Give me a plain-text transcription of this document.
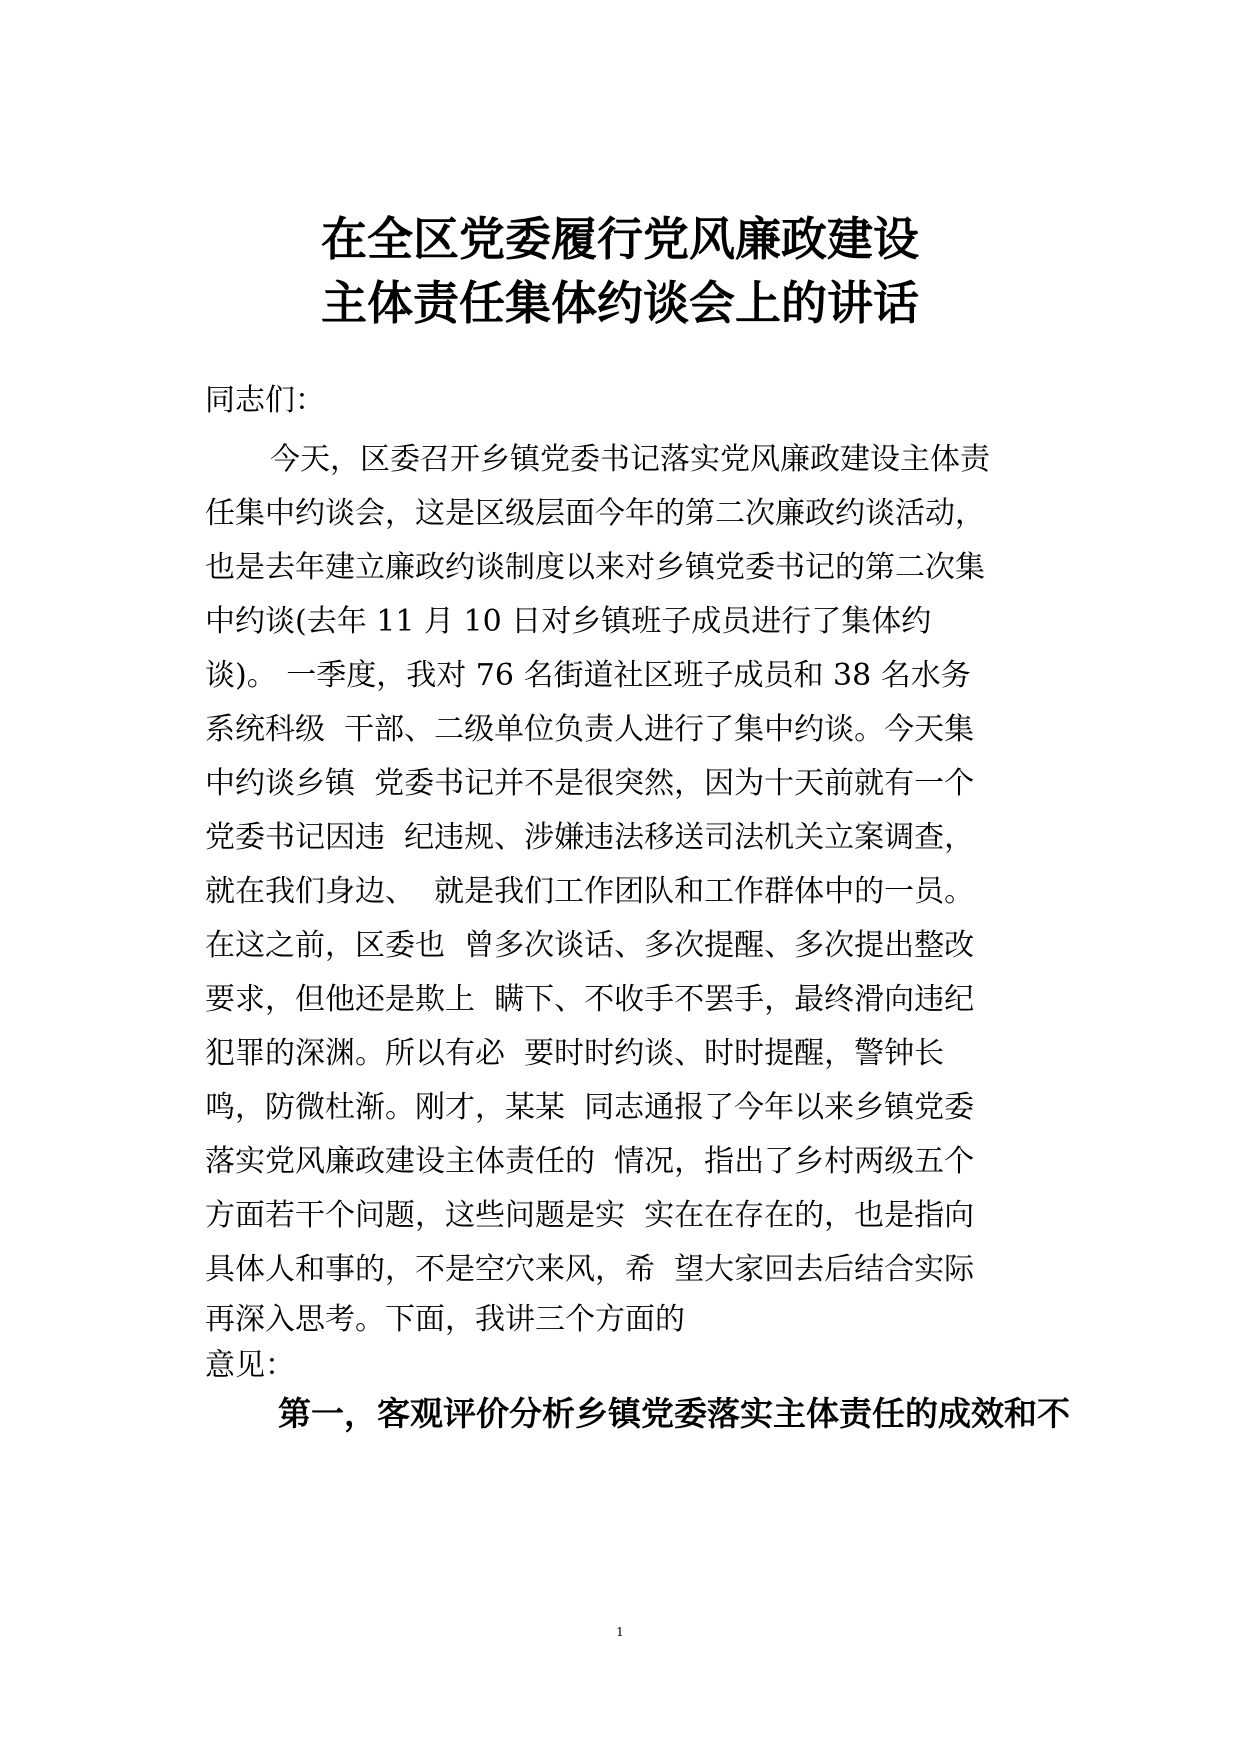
在全区党委履行党风廉政建设
主体责任集体约谈会上的讲话

同志们：

今天，区委召开乡镇党委书记落实党风廉政建设主体责

任集中约谈会，这是区级层面今年的第二次廉政约谈活动，

也是去年建立廉政约谈制度以来对乡镇党委书记的第二次集

中约谈(去年 11 月 10 日对乡镇班子成员进行了集体约

谈)。 一季度，我对 76 名街道社区班子成员和 38 名水务

系统科级  干部、二级单位负责人进行了集中约谈。今天集

中约谈乡镇  党委书记并不是很突然，因为十天前就有一个

党委书记因违  纪违规、涉嫌违法移送司法机关立案调查，

就在我们身边、  就是我们工作团队和工作群体中的一员。

在这之前，区委也  曾多次谈话、多次提醒、多次提出整改

要求，但他还是欺上  瞒下、不收手不罢手，最终滑向违纪

犯罪的深渊。所以有必  要时时约谈、时时提醒，警钟长

鸣，防微杜渐。刚才，某某  同志通报了今年以来乡镇党委

落实党风廉政建设主体责任的  情况，指出了乡村两级五个

方面若干个问题，这些问题是实  实在在存在的，也是指向

具体人和事的，不是空穴来风，希  望大家回去后结合实际

再深入思考。下面，我讲三个方面的

意见：

第一，客观评价分析乡镇党委落实主体责任的成效和不

1
